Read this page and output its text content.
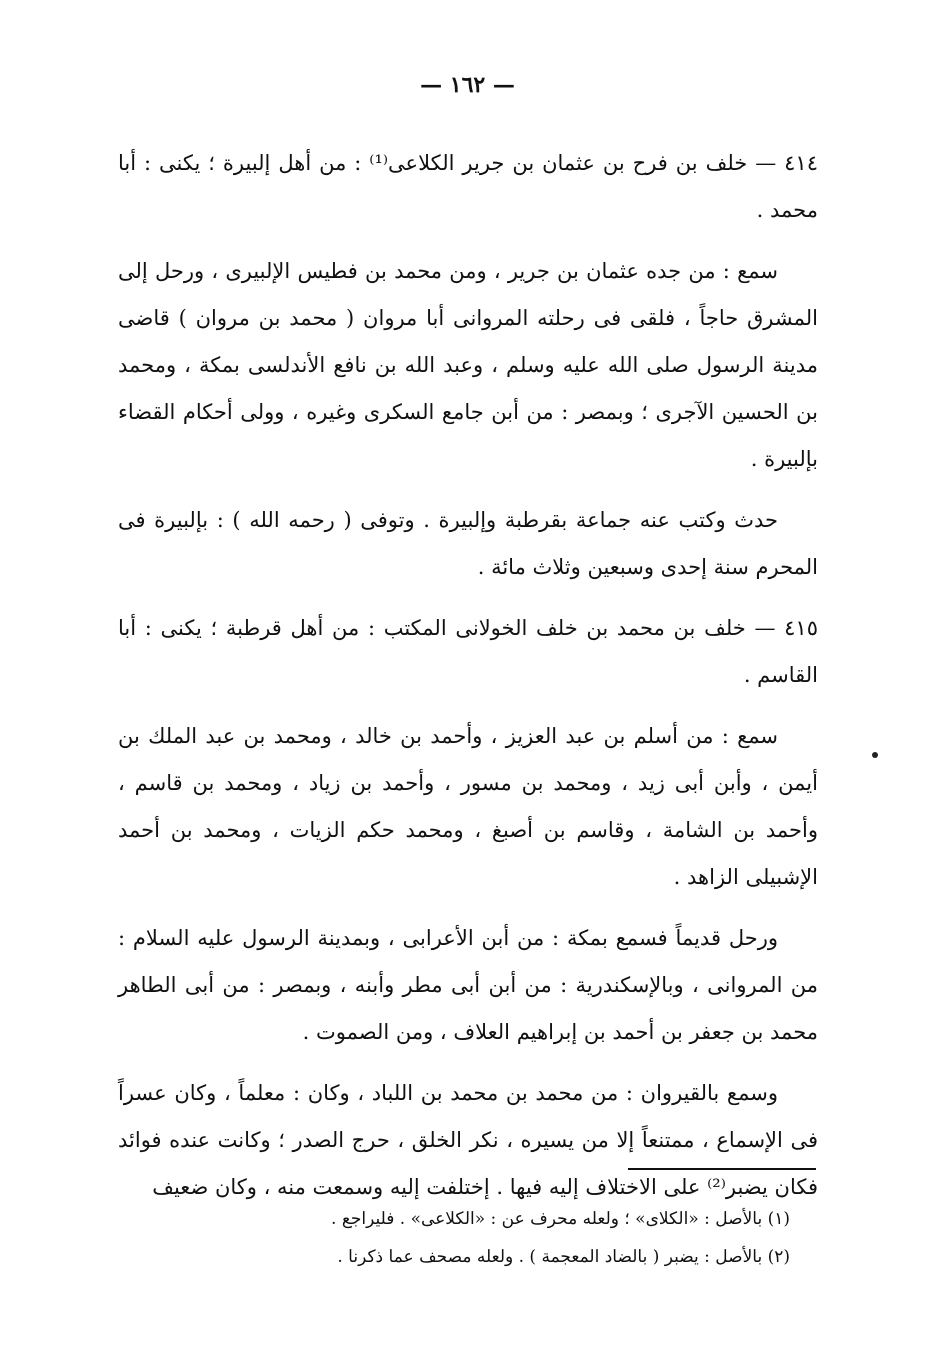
— ١٦٢ —

٤١٤ — خلف بن فرح بن عثمان بن جرير الكلاعى⁽¹⁾ : من أهل إلبيرة ؛ يكنى : أبا محمد .

سمع : من جده عثمان بن جرير ، ومن محمد بن فطيس الإلبيرى ، ورحل إلى المشرق حاجاً ، فلقى فى رحلته المروانى أبا مروان ( محمد بن مروان ) قاضى مدينة الرسول صلى الله عليه وسلم ، وعبد الله بن نافع الأندلسى بمكة ، ومحمد بن الحسين الآجرى ؛ وبمصر : من أبن جامع السكرى وغيره ، وولى أحكام القضاء بإلبيرة .

حدث وكتب عنه جماعة بقرطبة وإلبيرة . وتوفى ( رحمه الله ) : بإلبيرة فى المحرم سنة إحدى وسبعين وثلاث مائة .

٤١٥ — خلف بن محمد بن خلف الخولانى المكتب : من أهل قرطبة ؛ يكنى : أبا القاسم .

سمع : من أسلم بن عبد العزيز ، وأحمد بن خالد ، ومحمد بن عبد الملك بن أيمن ، وأبن أبى زيد ، ومحمد بن مسور ، وأحمد بن زياد ، ومحمد بن قاسم ، وأحمد بن الشامة ، وقاسم بن أصبغ ، ومحمد حكم الزيات ، ومحمد بن أحمد الإشبيلى الزاهد .

ورحل قديماً فسمع بمكة : من أبن الأعرابى ، وبمدينة الرسول عليه السلام : من المروانى ، وبالإسكندرية : من أبن أبى مطر وأبنه ، وبمصر : من أبى الطاهر محمد بن جعفر بن أحمد بن إبراهيم العلاف ، ومن الصموت .

وسمع بالقيروان : من محمد بن محمد بن اللباد ، وكان : معلماً ، وكان عسراً فى الإسماع ، ممتنعاً إلا من يسيره ، نكر الخلق ، حرج الصدر ؛ وكانت عنده فوائد فكان يضبر⁽²⁾ على الاختلاف إليه فيها . إختلفت إليه وسمعت منه ، وكان ضعيف

(١) بالأصل : «الكلاى» ؛ ولعله محرف عن : «الكلاعى» . فليراجع .

(٢) بالأصل : يضبر ( بالضاد المعجمة ) . ولعله مصحف عما ذكرنا .
